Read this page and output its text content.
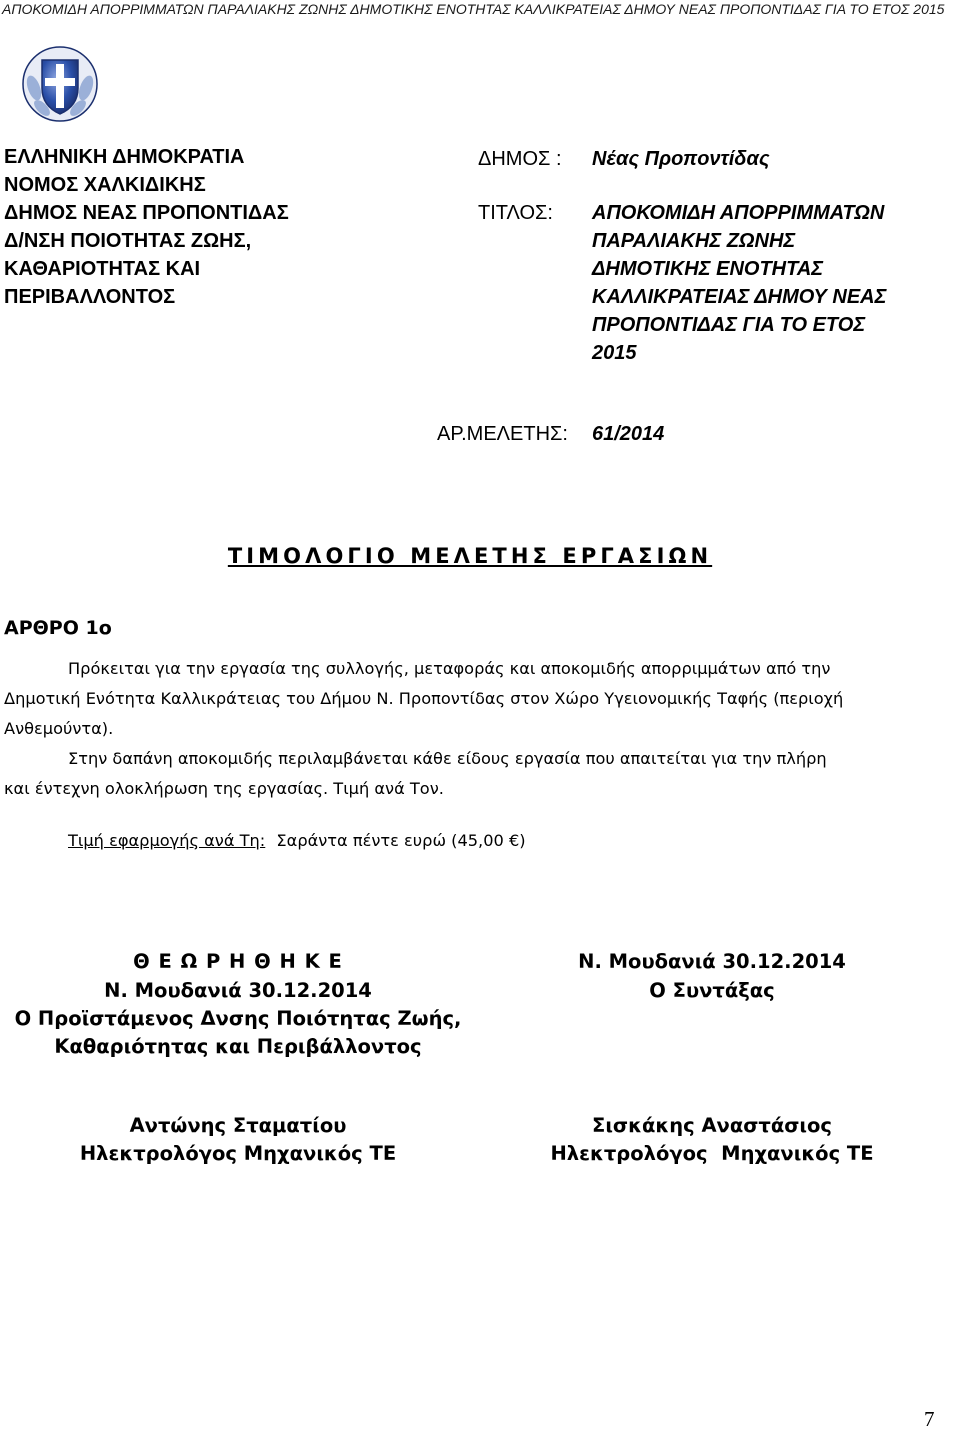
ΑΠΟΚΟΜΙΔΗ ΑΠΟΡΡΙΜΜΑΤΩΝ ΠΑΡΑΛΙΑΚΗΣ ΖΩΝΗΣ ΔΗΜΟΤΙΚΗΣ ΕΝΟΤΗΤΑΣ ΚΑΛΛΙΚΡΑΤΕΙΑΣ ΔΗΜΟΥ ΝΕΑΣ ΠΡΟΠΟΝΤΙΔΑΣ ΓΙΑ ΤΟ ΕΤΟΣ 2015
ΕΛΛΗΝΙΚΗ ΔΗΜΟΚΡΑΤΙΑ
ΝΟΜΟΣ ΧΑΛΚΙΔΙΚΗΣ
ΔΗΜΟΣ ΝΕΑΣ ΠΡΟΠΟΝΤΙΔΑΣ
Δ/ΝΣΗ ΠΟΙΟΤΗΤΑΣ ΖΩΗΣ,
ΚΑΘΑΡΙΟΤΗΤΑΣ ΚΑΙ
ΠΕΡΙΒΑΛΛΟΝΤΟΣ
ΔΗΜΟΣ : Νέας Προποντίδας
ΤΙΤΛΟΣ: ΑΠΟΚΟΜΙΔΗ ΑΠΟΡΡΙΜΜΑΤΩΝ
ΠΑΡΑΛΙΑΚΗΣ ΖΩΝΗΣ
ΔΗΜΟΤΙΚΗΣ ΕΝΟΤΗΤΑΣ
ΚΑΛΛΙΚΡΑΤΕΙΑΣ ΔΗΜΟΥ ΝΕΑΣ
ΠΡΟΠΟΝΤΙΔΑΣ ΓΙΑ ΤΟ ΕΤΟΣ
2015
ΑΡ.ΜΕΛΕΤΗΣ: 61/2014
ΤΙΜΟΛΟΓΙΟ ΜΕΛΕΤΗΣ ΕΡΓΑΣΙΩΝ
ΑΡΘΡΟ 1ο
Πρόκειται για την εργασία της συλλογής, μεταφοράς και αποκομιδής απορριμμάτων από την
Δημοτική Ενότητα Καλλικράτειας του Δήμου Ν. Προποντίδας στον Χώρο Υγειονομικής Ταφής (περιοχή
Ανθεμούντα).
Στην δαπάνη αποκομιδής περιλαμβάνεται κάθε είδους εργασία που απαιτείται για την πλήρη
και έντεχνη ολοκλήρωση της εργασίας. Τιμή ανά Τον.
Τιμή εφαρμογής ανά Τη: Σαράντα πέντε ευρώ (45,00 €)
Θ Ε Ω Ρ Η Θ Η Κ Ε
Ν. Μουδανιά 30.12.2014
Ο Προϊστάμενος Δνσης Ποιότητας Ζωής,
Καθαριότητας και Περιβάλλοντος
Ν. Μουδανιά 30.12.2014
Ο Συντάξας
Αντώνης Σταματίου
Ηλεκτρολόγος Μηχανικός ΤΕ
Σισκάκης Αναστάσιος
Ηλεκτρολόγος  Μηχανικός ΤΕ
7
